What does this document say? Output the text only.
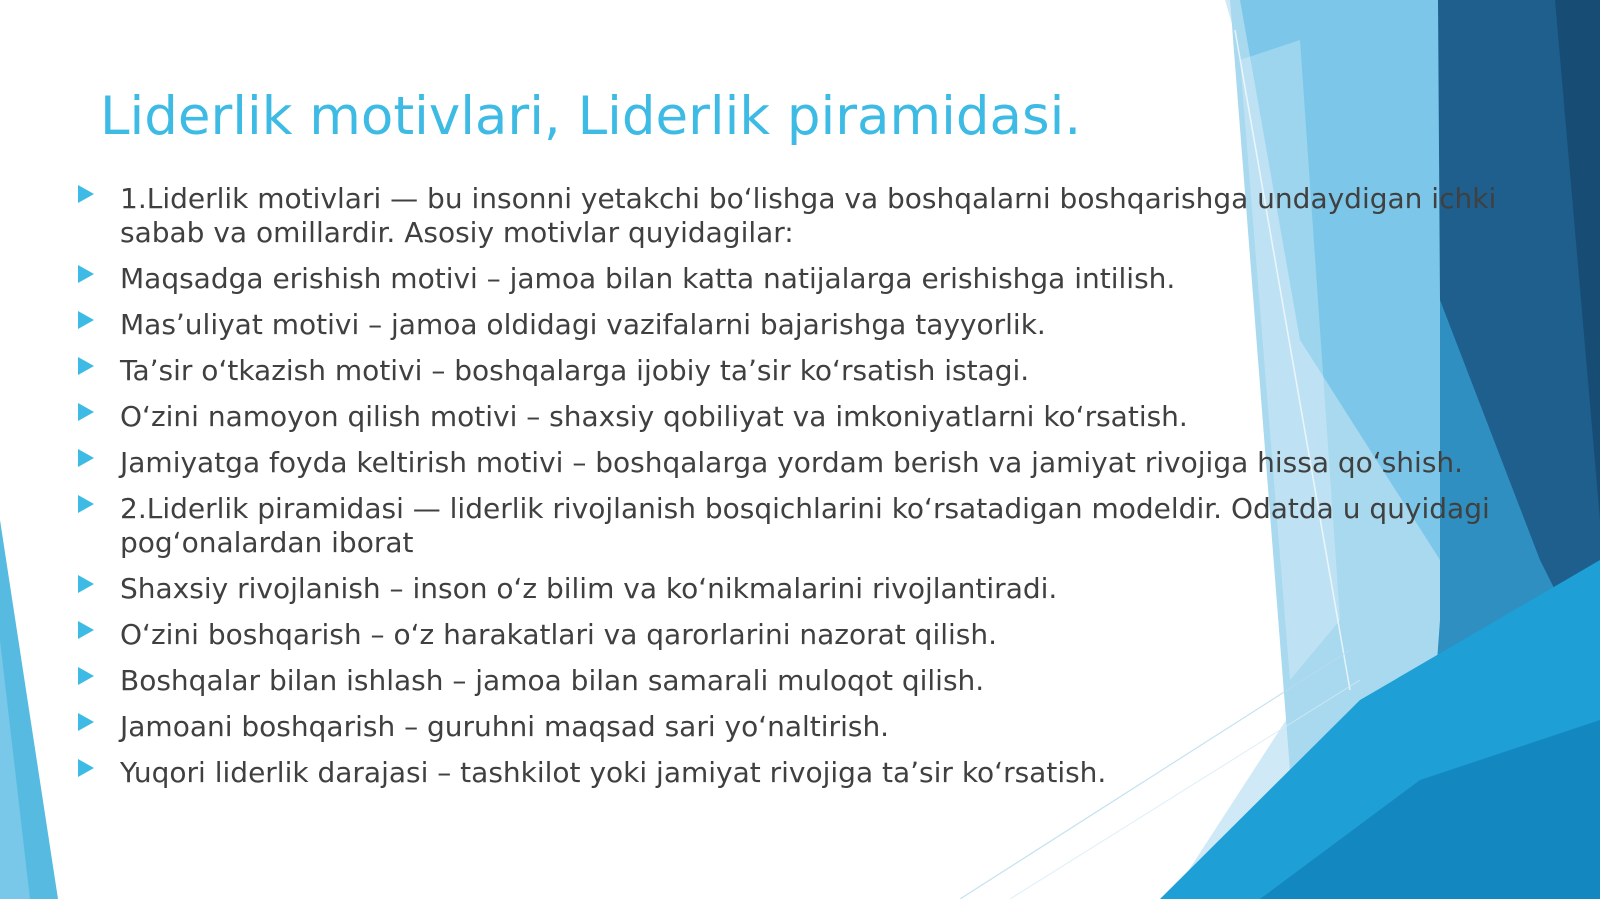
Liderlik motivlari, Liderlik piramidasi.
1.Liderlik motivlari — bu insonni yetakchi boʻlishga va boshqalarni boshqarishga undaydigan ichki sabab va omillardir. Asosiy motivlar quyidagilar:
Maqsadga erishish motivi – jamoa bilan katta natijalarga erishishga intilish.
Masʼuliyat motivi – jamoa oldidagi vazifalarni bajarishga tayyorlik.
Taʼsir oʻtkazish motivi – boshqalarga ijobiy taʼsir koʻrsatish istagi.
Oʻzini namoyon qilish motivi – shaxsiy qobiliyat va imkoniyatlarni koʻrsatish.
Jamiyatga foyda keltirish motivi – boshqalarga yordam berish va jamiyat rivojiga hissa qoʻshish.
2.Liderlik piramidasi — liderlik rivojlanish bosqichlarini koʻrsatadigan modeldir. Odatda u quyidagi pogʻonalardan iborat
Shaxsiy rivojlanish – inson oʻz bilim va koʻnikmalarini rivojlantiradi.
Oʻzini boshqarish – oʻz harakatlari va qarorlarini nazorat qilish.
Boshqalar bilan ishlash – jamoa bilan samarali muloqot qilish.
Jamoani boshqarish – guruhni maqsad sari yoʻnaltirish.
Yuqori liderlik darajasi – tashkilot yoki jamiyat rivojiga taʼsir koʻrsatish.
